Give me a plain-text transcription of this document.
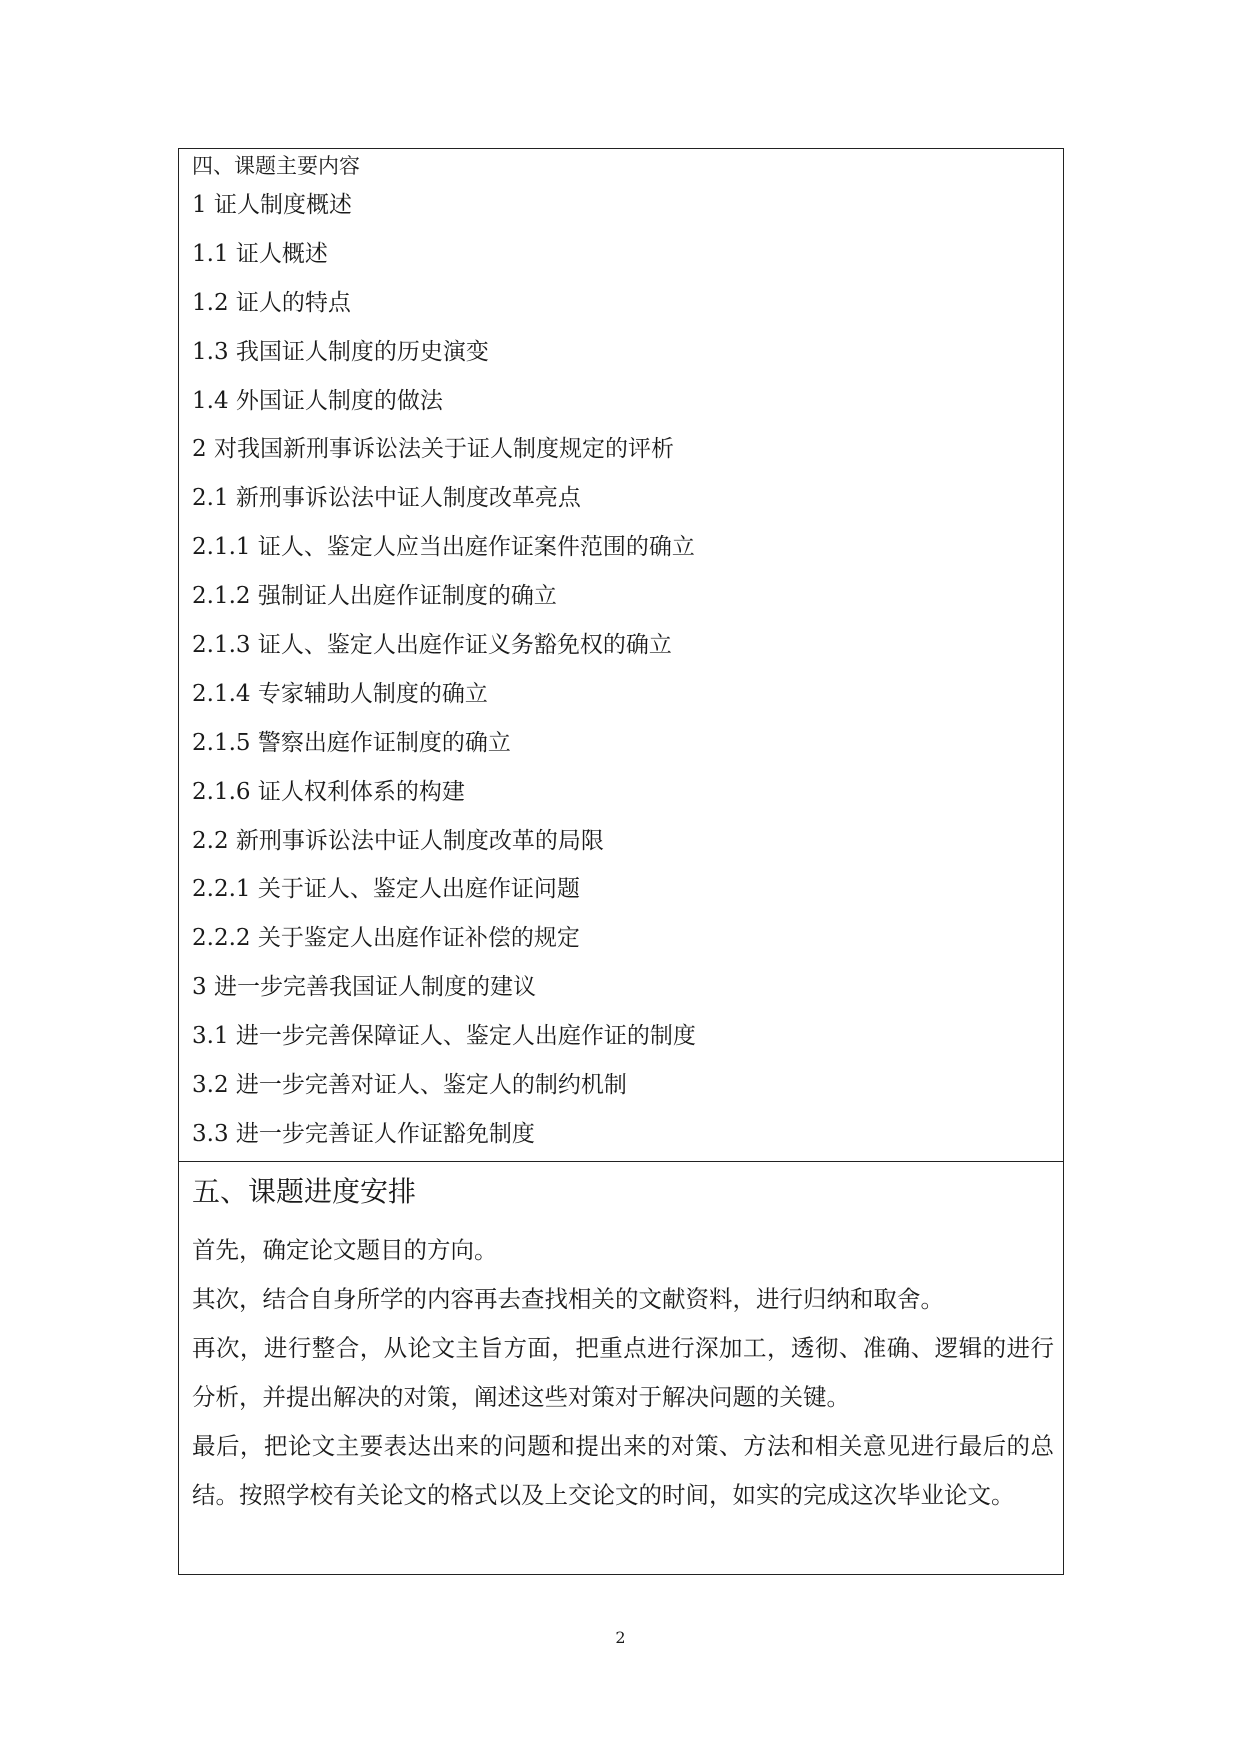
四、课题主要内容
1 证人制度概述
1.1 证人概述
1.2 证人的特点
1.3 我国证人制度的历史演变
1.4 外国证人制度的做法
2 对我国新刑事诉讼法关于证人制度规定的评析
2.1 新刑事诉讼法中证人制度改革亮点
2.1.1 证人、鉴定人应当出庭作证案件范围的确立
2.1.2 强制证人出庭作证制度的确立
2.1.3 证人、鉴定人出庭作证义务豁免权的确立
2.1.4 专家辅助人制度的确立
2.1.5 警察出庭作证制度的确立
2.1.6 证人权利体系的构建
2.2 新刑事诉讼法中证人制度改革的局限
2.2.1 关于证人、鉴定人出庭作证问题
2.2.2 关于鉴定人出庭作证补偿的规定
3 进一步完善我国证人制度的建议
3.1 进一步完善保障证人、鉴定人出庭作证的制度
3.2 进一步完善对证人、鉴定人的制约机制
3.3 进一步完善证人作证豁免制度
五、课题进度安排

首先，确定论文题目的方向。

其次，结合自身所学的内容再去查找相关的文献资料，进行归纳和取舍。

再次，进行整合，从论文主旨方面，把重点进行深加工，透彻、准确、逻辑的进行分析，并提出解决的对策，阐述这些对策对于解决问题的关键。

最后，把论文主要表达出来的问题和提出来的对策、方法和相关意见进行最后的总结。按照学校有关论文的格式以及上交论文的时间，如实的完成这次毕业论文。

2
